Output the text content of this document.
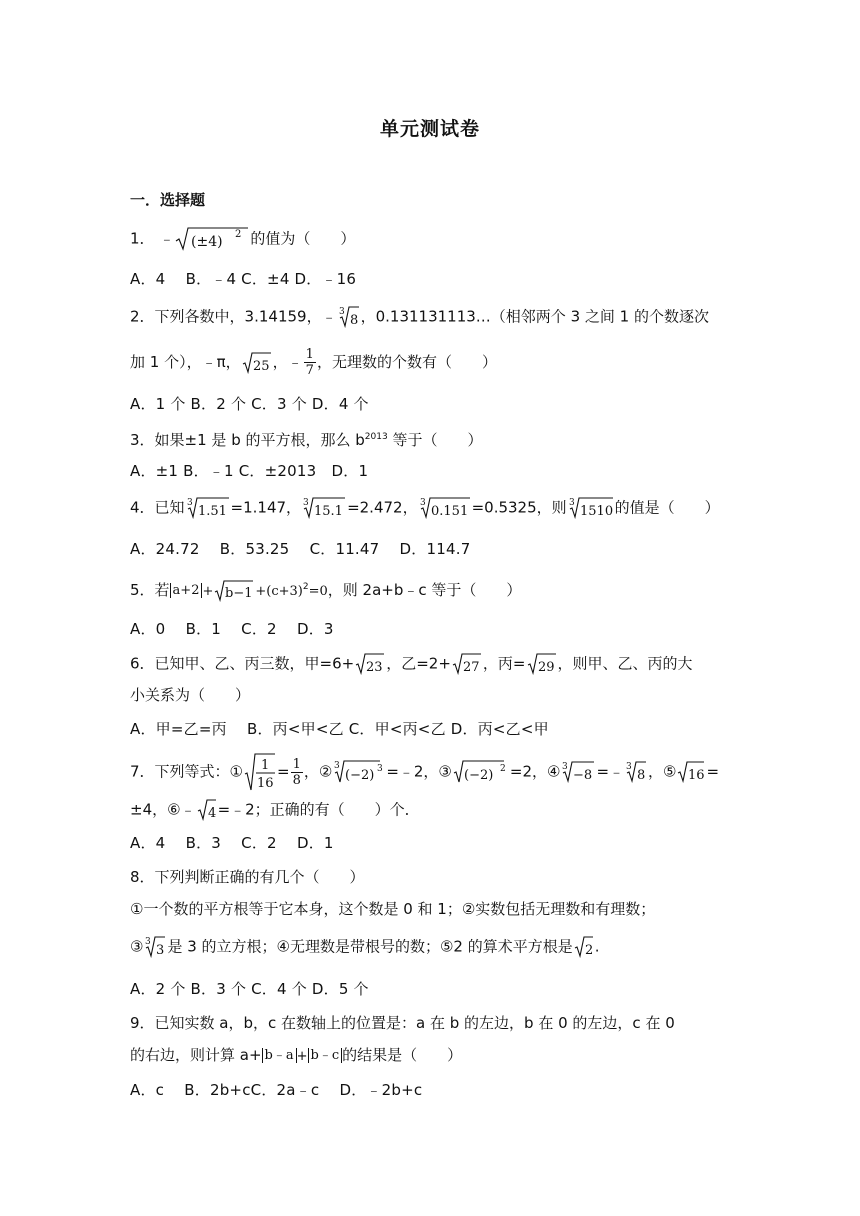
单元测试卷
一．选择题
1． ﹣ (±4) 2 的值为（　　）
A．4　 B．﹣4 C．±4 D．﹣16
2．下列各数中，3.14159，﹣ 3
8 ，0.131131113…（相邻两个 3 之间 1 的个数逐次
加 1 个），﹣π， 25 ，﹣ $\frac{1}{7}$ ，无理数的个数有（　　）
A．1 个 B．2 个 C．3 个 D．4 个
3．如果±1 是 b 的平方根，那么 $b^{2013}$ 等于（　　）
A．±1 B．﹣1 C．±2013　D．1
4．已知 3
1.51 =1.147， 3
15.1 =2.472， 3
0.151 =0.5325，则 3
1510 的值是（　　）
A．24.72　 B．53.25　 C．11.47　 D．114.7
5．若 $a+2 + b-1 +(c+3)^2=0$，则 2a+b﹣c 等于（　　）
A．0　 B．1　 C．2　 D．3
6．已知甲、乙、丙三数，甲=6+ 23 ，乙=2+ 27 ，丙= 29 ，则甲、乙、丙的大
小关系为（　　）
A．甲=乙=丙　 B．丙<甲<乙 C．甲<丙<乙 D．丙<乙<甲
7．下列等式：① 1
16
= $\frac{1}{8}$ ，② 3
(−2) 3 =﹣2，③ (−2) 2 =2，④ 3
−8 =﹣ 3
8 ，⑤ 16 =
±4，⑥﹣ 4 =﹣2；正确的有（　　）个．
A．4　 B．3　 C．2　 D．1
8．下列判断正确的有几个（　　）
①一个数的平方根等于它本身，这个数是 0 和 1；②实数包括无理数和有理数；
③ 3
3 是 3 的立方根；④无理数是带根号的数；⑤2 的算术平方根是 2 .
A．2 个 B．3 个 C．4 个 D．5 个
9．已知实数 a，b，c 在数轴上的位置是：a 在 b 的左边，b 在 0 的左边，c 在 0
的右边，则计算 a+ b﹣a + b﹣c 的结果是（　　）
A．c　 B．2b+cC．2a﹣c　 D．﹣2b+c
